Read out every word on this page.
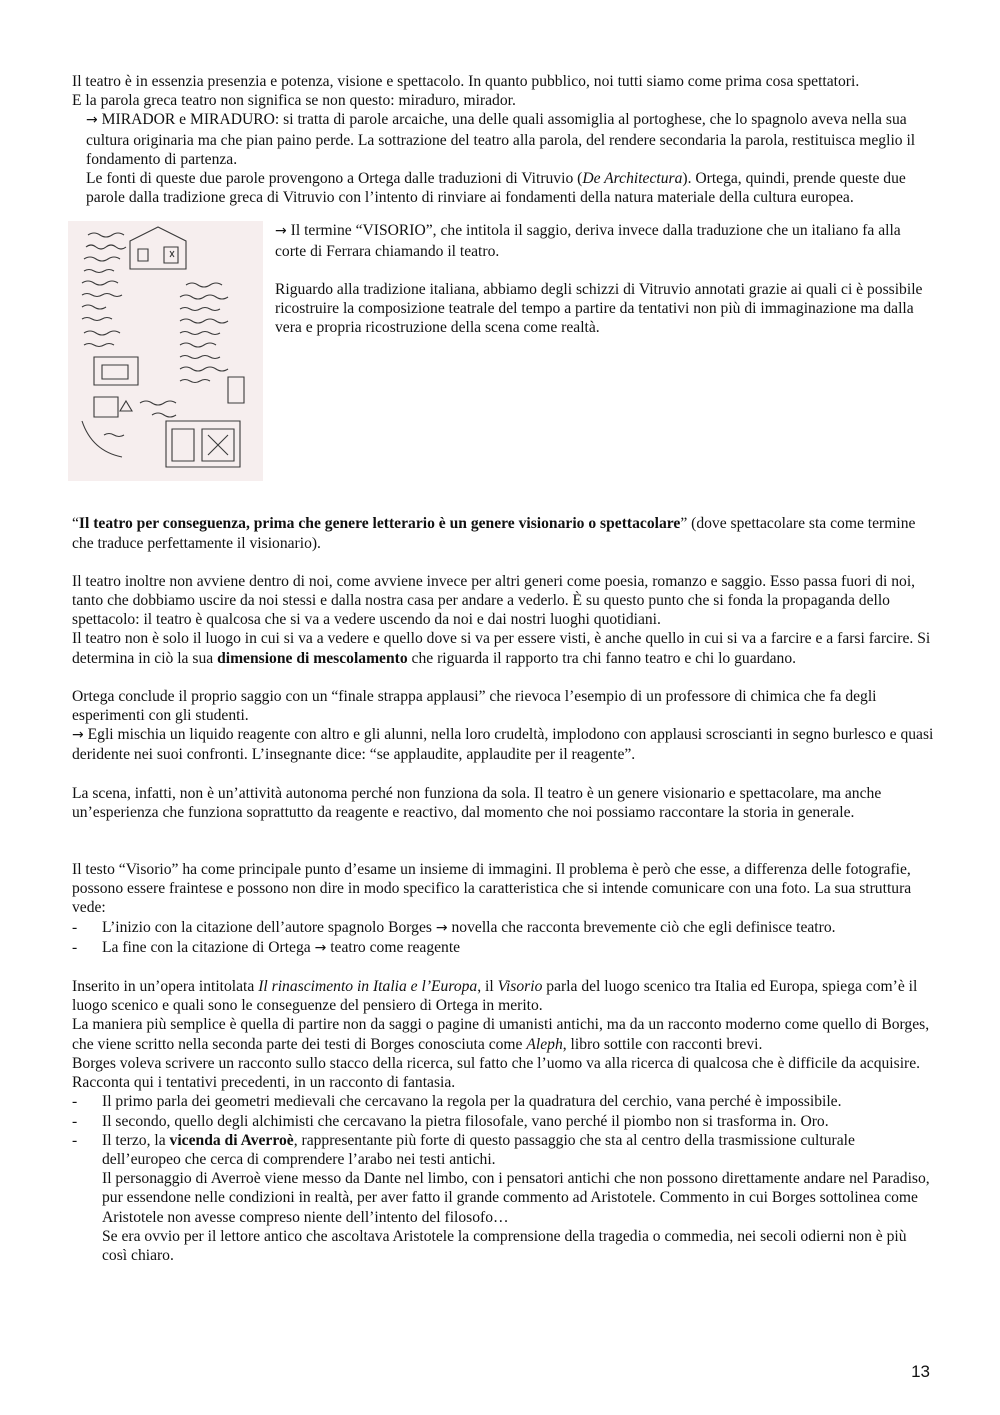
Il teatro è in essenzia presenzia e potenza, visione e spettacolo. In quanto pubblico, noi tutti siamo come prima cosa spettatori.
E la parola greca teatro non significa se non questo: miraduro, mirador.

→ MIRADOR e MIRADURO: si tratta di parole arcaiche, una delle quali assomiglia al portoghese, che lo spagnolo aveva nella sua cultura originaria ma che pian paino perde. La sottrazione del teatro alla parola, del rendere secondaria la parola, restituisca meglio il fondamento di partenza.

Le fonti di queste due parole provengono a Ortega dalle traduzioni di Vitruvio (De Architectura). Ortega, quindi, prende queste due parole dalla tradizione greca di Vitruvio con l’intento di rinviare ai fondamenti della natura materiale della cultura europea.

→ Il termine “VISORIO”, che intitola il saggio, deriva invece dalla traduzione che un italiano fa alla corte di Ferrara chiamando il teatro.

Riguardo alla tradizione italiana, abbiamo degli schizzi di Vitruvio annotati grazie ai quali ci è possibile ricostruire la composizione teatrale del tempo a partire da tentativi non più di immaginazione ma dalla vera e propria ricostruzione della scena come realtà.

“Il teatro per conseguenza, prima che genere letterario è un genere visionario o spettacolare” (dove spettacolare sta come termine che traduce perfettamente il visionario).

Il teatro inoltre non avviene dentro di noi, come avviene invece per altri generi come poesia, romanzo e saggio. Esso passa fuori di noi, tanto che dobbiamo uscire da noi stessi e dalla nostra casa per andare a vederlo. È su questo punto che si fonda la propaganda dello spettacolo: il teatro è qualcosa che si va a vedere uscendo da noi e dai nostri luoghi quotidiani.

Il teatro non è solo il luogo in cui si va a vedere e quello dove si va per essere visti, è anche quello in cui si va a farcire e a farsi farcire. Si determina in ciò la sua dimensione di mescolamento che riguarda il rapporto tra chi fanno teatro e chi lo guardano.

Ortega conclude il proprio saggio con un “finale strappa applausi” che rievoca l’esempio di un professore di chimica che fa degli esperimenti con gli studenti.

→ Egli mischia un liquido reagente con altro e gli alunni, nella loro crudeltà, implodono con applausi scroscianti in segno burlesco e quasi deridente nei suoi confronti. L’insegnante dice: “se applaudite, applaudite per il reagente”.

La scena, infatti, non è un’attività autonoma perché non funziona da sola. Il teatro è un genere visionario e spettacolare, ma anche un’esperienza che funziona soprattutto da reagente e reactivo, dal momento che noi possiamo raccontare la storia in generale.

Il testo “Visorio” ha come principale punto d’esame un insieme di immagini. Il problema è però che esse, a differenza delle fotografie, possono essere fraintese e possono non dire in modo specifico la caratteristica che si intende comunicare con una foto. La sua struttura vede:

- L’inizio con la citazione dell’autore spagnolo Borges → novella che racconta brevemente ciò che egli definisce teatro.
- La fine con la citazione di Ortega → teatro come reagente

Inserito in un’opera intitolata Il rinascimento in Italia e l’Europa, il Visorio parla del luogo scenico tra Italia ed Europa, spiega com’è il luogo scenico e quali sono le conseguenze del pensiero di Ortega in merito.

La maniera più semplice è quella di partire non da saggi o pagine di umanisti antichi, ma da un racconto moderno come quello di Borges, che viene scritto nella seconda parte dei testi di Borges conosciuta come Aleph, libro sottile con racconti brevi.

Borges voleva scrivere un racconto sullo stacco della ricerca, sul fatto che l’uomo va alla ricerca di qualcosa che è difficile da acquisire. Racconta qui i tentativi precedenti, in un racconto di fantasia.

- Il primo parla dei geometri medievali che cercavano la regola per la quadratura del cerchio, vana perché è impossibile.
- Il secondo, quello degli alchimisti che cercavano la pietra filosofale, vano perché il piombo non si trasforma in. Oro.
- Il terzo, la vicenda di Averroè, rappresentante più forte di questo passaggio che sta al centro della trasmissione culturale dell’europeo che cerca di comprendere l’arabo nei testi antichi.

Il personaggio di Averroè viene messo da Dante nel limbo, con i pensatori antichi che non possono direttamente andare nel Paradiso, pur essendone nelle condizioni in realtà, per aver fatto il grande commento ad Aristotele. Commento in cui Borges sottolinea come Aristotele non avesse compreso niente dell’intento del filosofo…

Se era ovvio per il lettore antico che ascoltava Aristotele la comprensione della tragedia o commedia, nei secoli odierni non è più così chiaro.

13
